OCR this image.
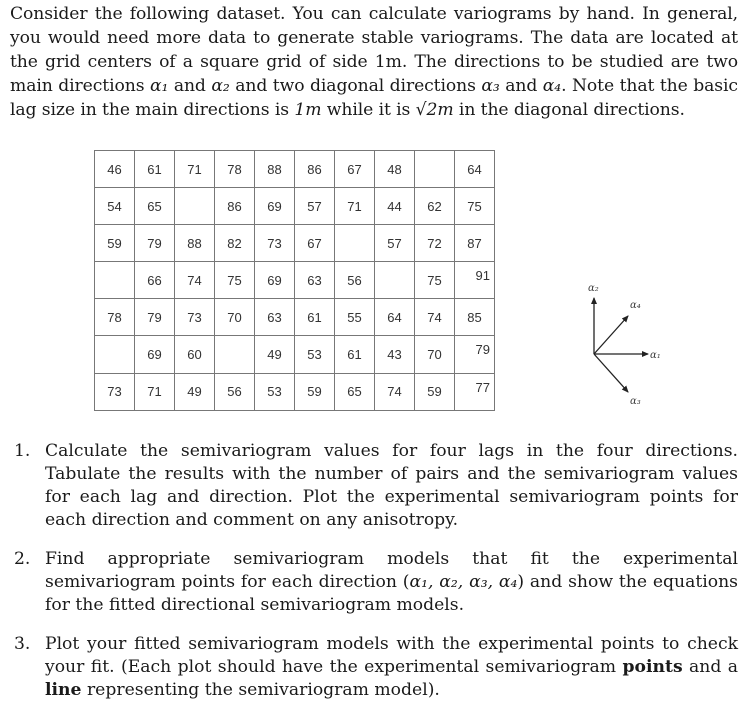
Consider the following dataset. You can calculate variograms by hand. In general, you would need more data to generate stable variograms. The data are located at the grid centers of a square grid of side 1m. The directions to be studied are two main directions α₁ and α₂ and two diagonal directions α₃ and α₄. Note that the basic lag size in the main directions is 1m while it is √2m in the diagonal directions.
46	61	71	78	88	86	67	48		64

54	65		86	69	57	71	44	62	75

59	79	88	82	73	67		57	72	87

	66	74	75	69	63	56		75	91

78	79	73	70	63	61	55	64	74	85

	69	60		49	53	61	43	70	79

73	71	49	56	53	59	65	74	59	77
α₂
α₄
α₁
α₃
1. Calculate the semivariogram values for four lags in the four directions. Tabulate the results with the number of pairs and the semivariogram values for each lag and direction. Plot the experimental semivariogram points for each direction and comment on any anisotropy.
2. Find appropriate semivariogram models that fit the experimental semivariogram points for each direction (α₁, α₂, α₃, α₄) and show the equations for the fitted directional semivariogram models.
3. Plot your fitted semivariogram models with the experimental points to check your fit. (Each plot should have the experimental semivariogram points and a line representing the semivariogram model).
